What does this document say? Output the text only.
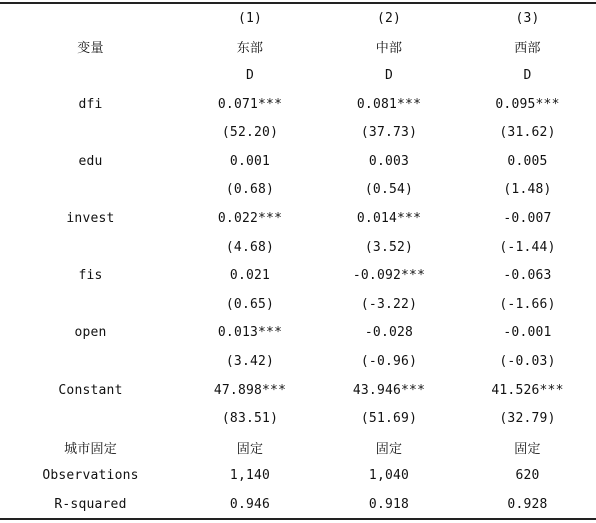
	(1)	(2)	(3)
变量	东部	中部	西部
	D	D	D
dfi	0.071***	0.081***	0.095***
	(52.20)	(37.73)	(31.62)
edu	0.001	0.003	0.005
	(0.68)	(0.54)	(1.48)
invest	0.022***	0.014***	-0.007
	(4.68)	(3.52)	(-1.44)
fis	0.021	-0.092***	-0.063
	(0.65)	(-3.22)	(-1.66)
open	0.013***	-0.028	-0.001
	(3.42)	(-0.96)	(-0.03)
Constant	47.898***	43.946***	41.526***
	(83.51)	(51.69)	(32.79)
城市固定	固定	固定	固定
Observations	1,140	1,040	620
R-squared	0.946	0.918	0.928
